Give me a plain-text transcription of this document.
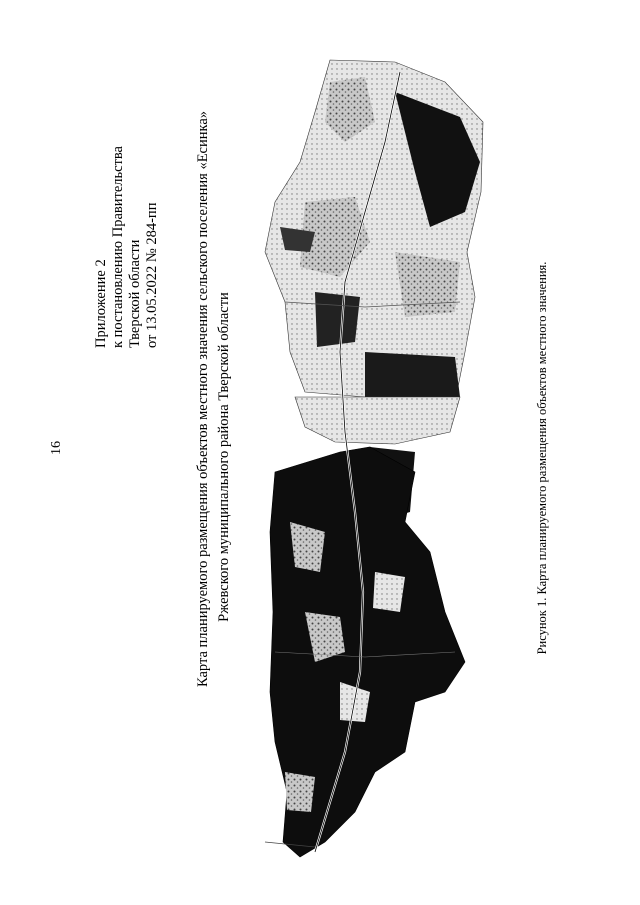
16
Приложение 2 к постановлению Правительства Тверской области от 13.05.2022 № 284-пп Карта планируемого размещения объектов местного значения сельского поселения «Есинка» Ржевского муниципального района Тверской области	Рисунок 1. Карта планируемого размещения объектов местного значения.
